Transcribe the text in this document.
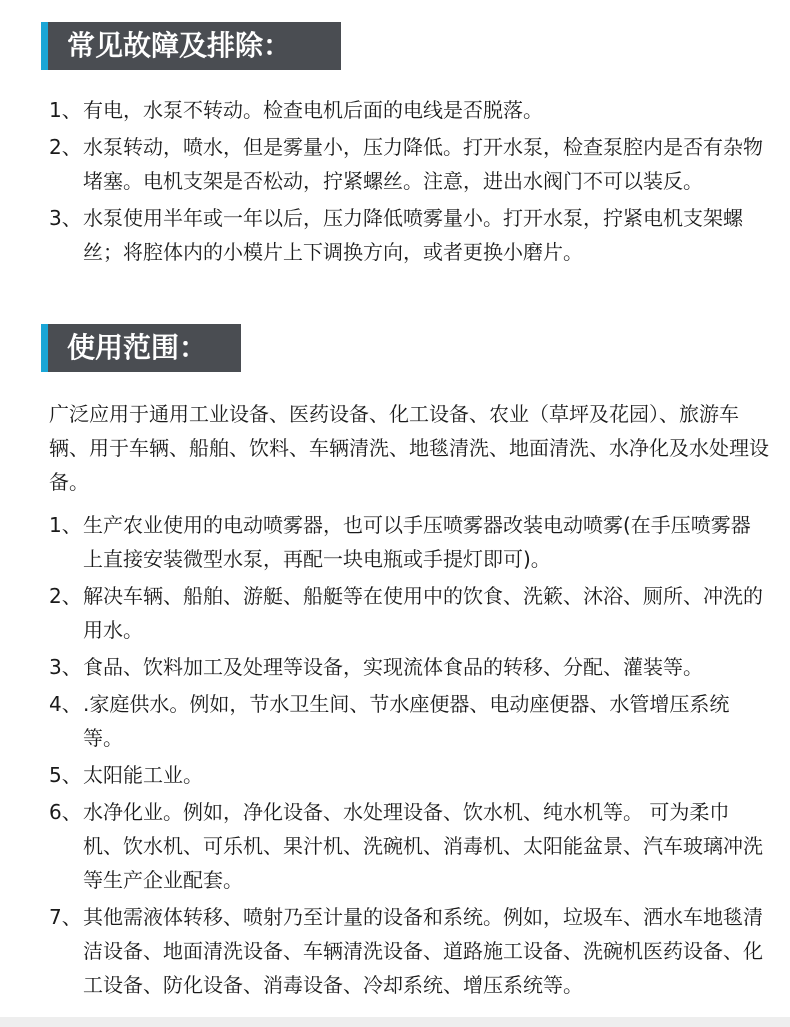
常见故障及排除：
1、 有电，水泵不转动。检查电机后面的电线是否脱落。
2、 水泵转动，喷水，但是雾量小，压力降低。打开水泵，检查泵腔内是否有杂物堵塞。电机支架是否松动，拧紧螺丝。注意，进出水阀门不可以装反。
3、 水泵使用半年或一年以后，压力降低喷雾量小。打开水泵，拧紧电机支架螺丝；将腔体内的小模片上下调换方向，或者更换小磨片。
使用范围：

广泛应用于通用工业设备、医药设备、化工设备、农业（草坪及花园）、旅游车辆、用于车辆、船舶、饮料、车辆清洗、地毯清洗、地面清洗、水净化及水处理设备。

1、 生产农业使用的电动喷雾器，也可以手压喷雾器改装电动喷雾(在手压喷雾器上直接安装微型水泵，再配一块电瓶或手提灯即可)。
2、 解决车辆、船舶、游艇、船艇等在使用中的饮食、洗簌、沐浴、厕所、冲洗的用水。
3、 食品、饮料加工及处理等设备，实现流体食品的转移、分配、灌装等。
4、 .家庭供水。例如，节水卫生间、节水座便器、电动座便器、水管增压系统等。
5、 太阳能工业。
6、 水净化业。例如，净化设备、水处理设备、饮水机、纯水机等。 可为柔巾机、饮水机、可乐机、果汁机、洗碗机、消毒机、太阳能盆景、汽车玻璃冲洗等生产企业配套。
7、 其他需液体转移、喷射乃至计量的设备和系统。例如，垃圾车、洒水车地毯清洁设备、地面清洗设备、车辆清洗设备、道路施工设备、洗碗机医药设备、化工设备、防化设备、消毒设备、冷却系统、增压系统等。
